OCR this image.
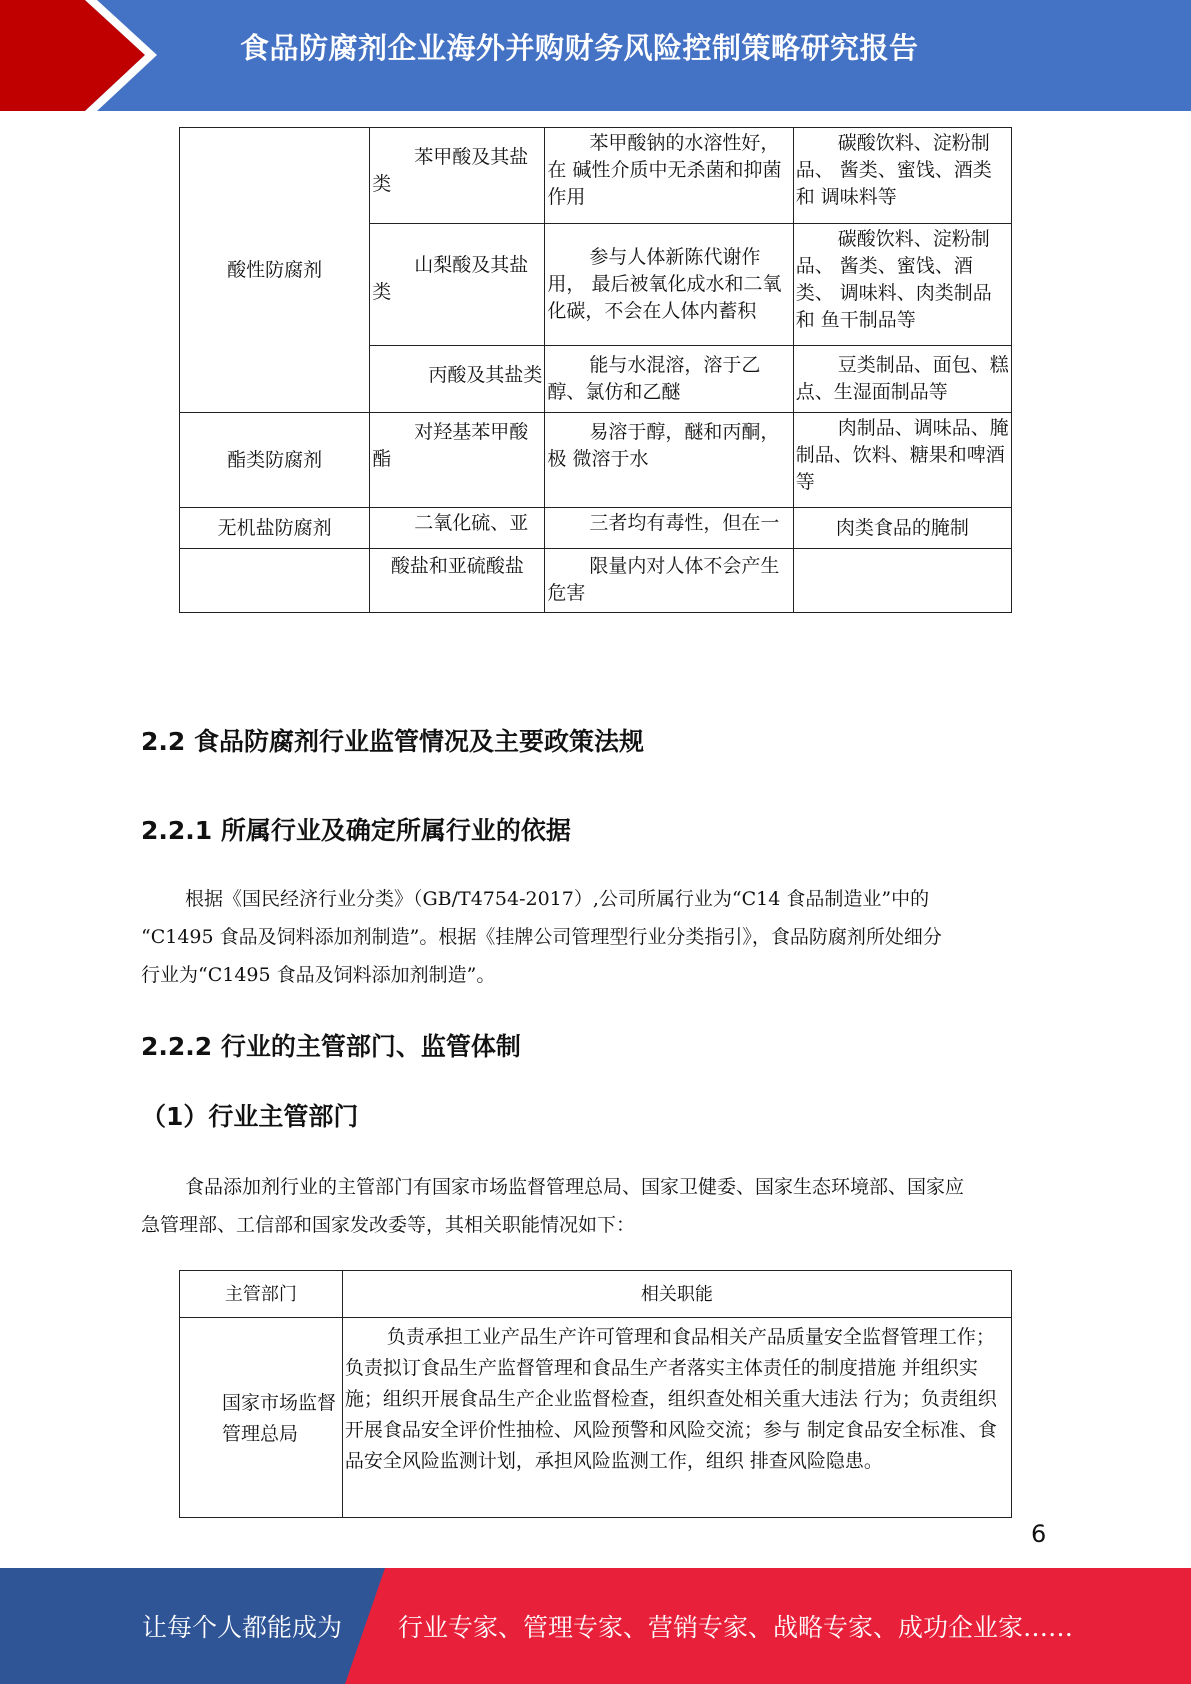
食品防腐剂企业海外并购财务风险控制策略研究报告
酸性防腐剂	苯甲酸及其盐类	苯甲酸钠的水溶性好，在 碱性介质中无杀菌和抑菌作用	碳酸饮料、淀粉制品、 酱类、蜜饯、酒类和 调味料等
	山梨酸及其盐类	参与人体新陈代谢作用， 最后被氧化成水和二氧 化碳，不会在人体内蓄积	碳酸饮料、淀粉制品、 酱类、蜜饯、酒类、 调味料、肉类制品和 鱼干制品等
	丙酸及其盐类	能与水混溶，溶于乙醇、氯仿和乙醚	豆类制品、面包、糕 点、生湿面制品等
酯类防腐剂	对羟基苯甲酸酯	易溶于醇，醚和丙酮，极 微溶于水	肉制品、调味品、腌 制品、饮料、糖果和啤酒等
无机盐防腐剂	二氧化硫、亚	三者均有毒性，但在一	肉类食品的腌制
	酸盐和亚硫酸盐	限量内对人体不会产生危害	
2.2 食品防腐剂行业监管情况及主要政策法规
2.2.1 所属行业及确定所属行业的依据

根据《国民经济行业分类》（GB/T4754-2017）,公司所属行业为“C14 食品制造业”中的
“C1495 食品及饲料添加剂制造”。根据《挂牌公司管理型行业分类指引》，食品防腐剂所处细分
行业为“C1495 食品及饲料添加剂制造”。

2.2.2 行业的主管部门、监管体制
（1）行业主管部门

食品添加剂行业的主管部门有国家市场监督管理总局、国家卫健委、国家生态环境部、国家应
急管理部、工信部和国家发改委等，其相关职能情况如下：

主管部门	相关职能
国家市场监督管理总局	负责承担工业产品生产许可管理和食品相关产品质量安全监督管理工作；负责拟订食品生产监督管理和食品生产者落实主体责任的制度措施 并组织实施；组织开展食品生产企业监督检查，组织查处相关重大违法 行为；负责组织开展食品安全评价性抽检、风险预警和风险交流；参与 制定食品安全标准、食品安全风险监测计划，承担风险监测工作，组织 排查风险隐患。
6
让每个人都能成为 行业专家、管理专家、营销专家、战略专家、成功企业家……
